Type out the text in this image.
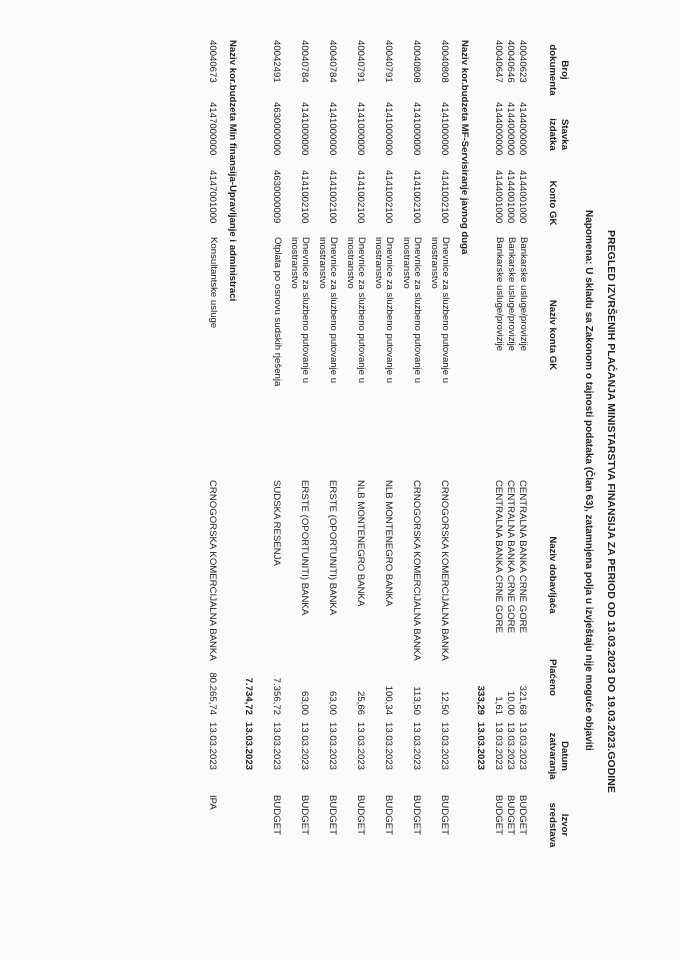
PREGLED IZVRŠENIH PLAĆANJA MINISTARSTVA FINANSIJA ZA PERIOD OD 13.03.2023 DO 19.03.2023.GODINE
Napomena: U skladu sa Zakonom o tajnosti podataka (Član 63), zatamnjena polja u izvještaju nije moguće objaviti
Broj dokumenta
Stavka izdatka
Konto GK
Naziv konta GK
Naziv dobavljača
Plaćeno
Datum zatvaranja
Izvor sredstava
40040623
4144000000
4144001000
Bankarske usluge/provizije
CENTRALNA BANKA CRNE GORE
321,68
13.03.2023
BUDGET
40040646
4144000000
4144001000
Bankarske usluge/provizije
CENTRALNA BANKA CRNE GORE
10,00
13.03.2023
BUDGET
40040647
4144000000
4144001000
Bankarske usluge/provizije
CENTRALNA BANKA CRNE GORE
1,61
13.03.2023
BUDGET
333,29
13.03.2023
Naziv kor.budzeta MF-Servisiranje javnog duga
40040808
4141000000
4141002100
Dnevnice za sluzbeno putovanje u inostranstvo
CRNOGORSKA KOMERCIJALNA BANKA
12,50
13.03.2023
BUDGET
40040808
4141000000
4141002100
Dnevnice za sluzbeno putovanje u inostranstvo
CRNOGORSKA KOMERCIJALNA BANKA
113,50
13.03.2023
BUDGET
40040791
4141000000
4141002100
Dnevnice za sluzbeno putovanje u inostranstvo
NLB MONTENEGRO BANKA
100,34
13.03.2023
BUDGET
40040791
4141000000
4141002100
Dnevnice za sluzbeno putovanje u inostranstvo
NLB MONTENEGRO BANKA
25,66
13.03.2023
BUDGET
40040784
4141000000
4141002100
Dnevnice za sluzbeno putovanje u inostranstvo
ERSTE (OPORTUNITI) BANKA
63,00
13.03.2023
BUDGET
40040784
4141000000
4141002100
Dnevnice za sluzbeno putovanje u inostranstvo
ERSTE (OPORTUNITI) BANKA
63,00
13.03.2023
BUDGET
40042491
4630000000
4630000009
Otplata po osnovu sudskih rješenja
SUDSKA RESENJA
7.356,72
13.03.2023
BUDGET
7.734,72
13.03.2023
Naziv kor.budzeta Min finansija-Upravljanje i administraci
40040673
4147000000
4147001000
Konsultantske usluge
CRNOGORSKA KOMERCIJALNA BANKA
80.265,74
13.03.2023
IPA
